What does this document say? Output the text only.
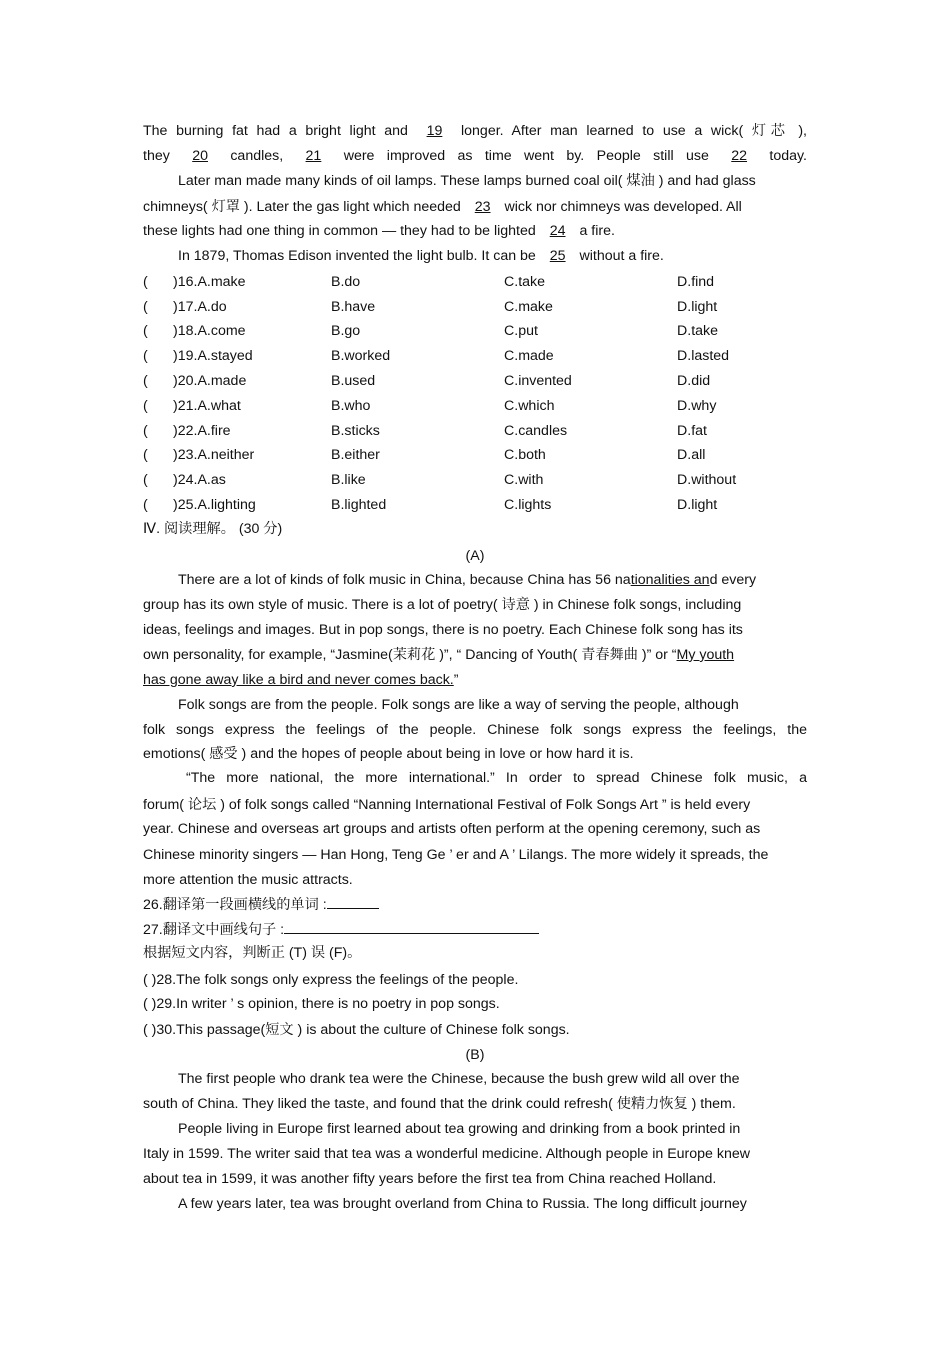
The burning fat had a bright light and 19 longer. After man learned to use a wick( 灯芯 ),
they 20 candles, 21 were improved as time went by. People still use 22 today.
Later man made many kinds of oil lamps. These lamps burned coal oil( 煤油 ) and had glass
chimneys( 灯罩 ). Later the gas light which needed 23 wick nor chimneys was developed. All
these lights had one thing in common — they had to be lighted 24 a fire.
In 1879, Thomas Edison invented the light bulb. It can be 25 without a fire.
( )16.A.make	B.do	C.take	D.find
( )17.A.do	B.have	C.make	D.light
( )18.A.come	B.go	C.put	D.take
( )19.A.stayed	B.worked	C.made	D.lasted
( )20.A.made	B.used	C.invented	D.did
( )21.A.what	B.who	C.which	D.why
( )22.A.fire	B.sticks	C.candles	D.fat
( )23.A.neither	B.either	C.both	D.all
( )24.A.as	B.like	C.with	D.without
( )25.A.lighting	B.lighted	C.lights	D.light
Ⅳ. 阅读理解。 (30 分)
(A)
There are a lot of kinds of folk music in China, because China has 56 nationalities and every
group has its own style of music. There is a lot of poetry( 诗意 ) in Chinese folk songs, including
ideas, feelings and images. But in pop songs, there is no poetry. Each Chinese folk song has its
own personality, for example, “Jasmine(茉莉花 )”, “ Dancing of Youth( 青春舞曲 )” or “My youth
has gone away like a bird and never comes back.”
Folk songs are from the people. Folk songs are like a way of serving the people, although
folk songs express the feelings of the people. Chinese folk songs express the feelings, the
emotions( 感受 ) and the hopes of people about being in love or how hard it is.
“The more national, the more international.” In order to spread Chinese folk music, a
forum( 论坛 ) of folk songs called “Nanning International Festival of Folk Songs Art ” is held every
year. Chinese and overseas art groups and artists often perform at the opening ceremony, such as
Chinese minority singers — Han Hong, Teng Ge ’ er and A ’ Lilangs. The more widely it spreads, the
more attention the music attracts.
26.翻译第一段画横线的单词 :
27.翻译文中画线句子 :
根据短文内容，判断正 (T) 误 (F)。
( )28.The folk songs only express the feelings of the people.
( )29.In writer ’ s opinion, there is no poetry in pop songs.
( )30.This passage(短文 ) is about the culture of Chinese folk songs.
(B)
The first people who drank tea were the Chinese, because the bush grew wild all over the
south of China. They liked the taste, and found that the drink could refresh( 使精力恢复 ) them.
People living in Europe first learned about tea growing and drinking from a book printed in
Italy in 1599. The writer said that tea was a wonderful medicine. Although people in Europe knew
about tea in 1599, it was another fifty years before the first tea from China reached Holland.
A few years later, tea was brought overland from China to Russia. The long difficult journey
